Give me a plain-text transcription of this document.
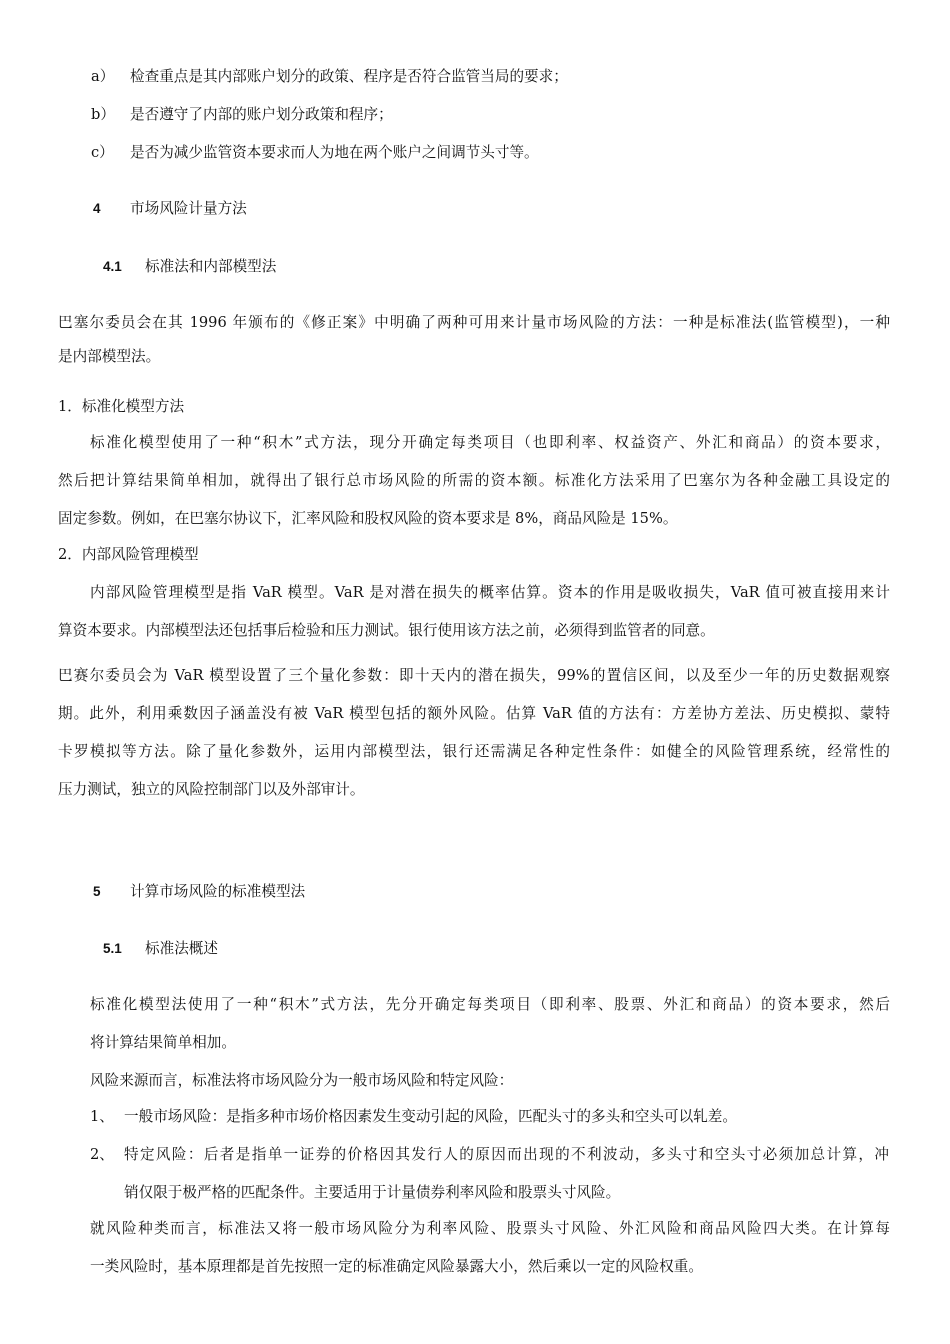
a） 检查重点是其内部账户划分的政策、程序是否符合监管当局的要求；
b） 是否遵守了内部的账户划分政策和程序；
c） 是否为减少监管资本要求而人为地在两个账户之间调节头寸等。
4 市场风险计量方法
4.1 标准法和内部模型法
巴塞尔委员会在其 1996 年颁布的《修正案》中明确了两种可用来计量市场风险的方法：一种是标准法(监管模型)，一种
是内部模型法。
1．标准化模型方法
标准化模型使用了一种“积木”式方法，现分开确定每类项目（也即利率、权益资产、外汇和商品）的资本要求，
然后把计算结果简单相加，就得出了银行总市场风险的所需的资本额。标准化方法采用了巴塞尔为各种金融工具设定的
固定参数。例如，在巴塞尔协议下，汇率风险和股权风险的资本要求是 8%，商品风险是 15%。
2．内部风险管理模型
内部风险管理模型是指 VaR 模型。VaR 是对潜在损失的概率估算。资本的作用是吸收损失，VaR 值可被直接用来计
算资本要求。内部模型法还包括事后检验和压力测试。银行使用该方法之前，必须得到监管者的同意。
巴赛尔委员会为 VaR 模型设置了三个量化参数：即十天内的潜在损失，99%的置信区间，以及至少一年的历史数据观察
期。此外，利用乘数因子涵盖没有被 VaR 模型包括的额外风险。估算 VaR 值的方法有：方差协方差法、历史模拟、蒙特
卡罗模拟等方法。除了量化参数外，运用内部模型法，银行还需满足各种定性条件：如健全的风险管理系统，经常性的
压力测试，独立的风险控制部门以及外部审计。
5 计算市场风险的标准模型法
5.1 标准法概述
标准化模型法使用了一种“积木”式方法，先分开确定每类项目（即利率、股票、外汇和商品）的资本要求，然后
将计算结果简单相加。
风险来源而言，标准法将市场风险分为一般市场风险和特定风险：
1、 一般市场风险：是指多种市场价格因素发生变动引起的风险，匹配头寸的多头和空头可以轧差。
2、 特定风险：后者是指单一证券的价格因其发行人的原因而出现的不利波动，多头寸和空头寸必须加总计算，冲
销仅限于极严格的匹配条件。主要适用于计量债券利率风险和股票头寸风险。
就风险种类而言，标准法又将一般市场风险分为利率风险、股票头寸风险、外汇风险和商品风险四大类。在计算每
一类风险时，基本原理都是首先按照一定的标准确定风险暴露大小，然后乘以一定的风险权重。
